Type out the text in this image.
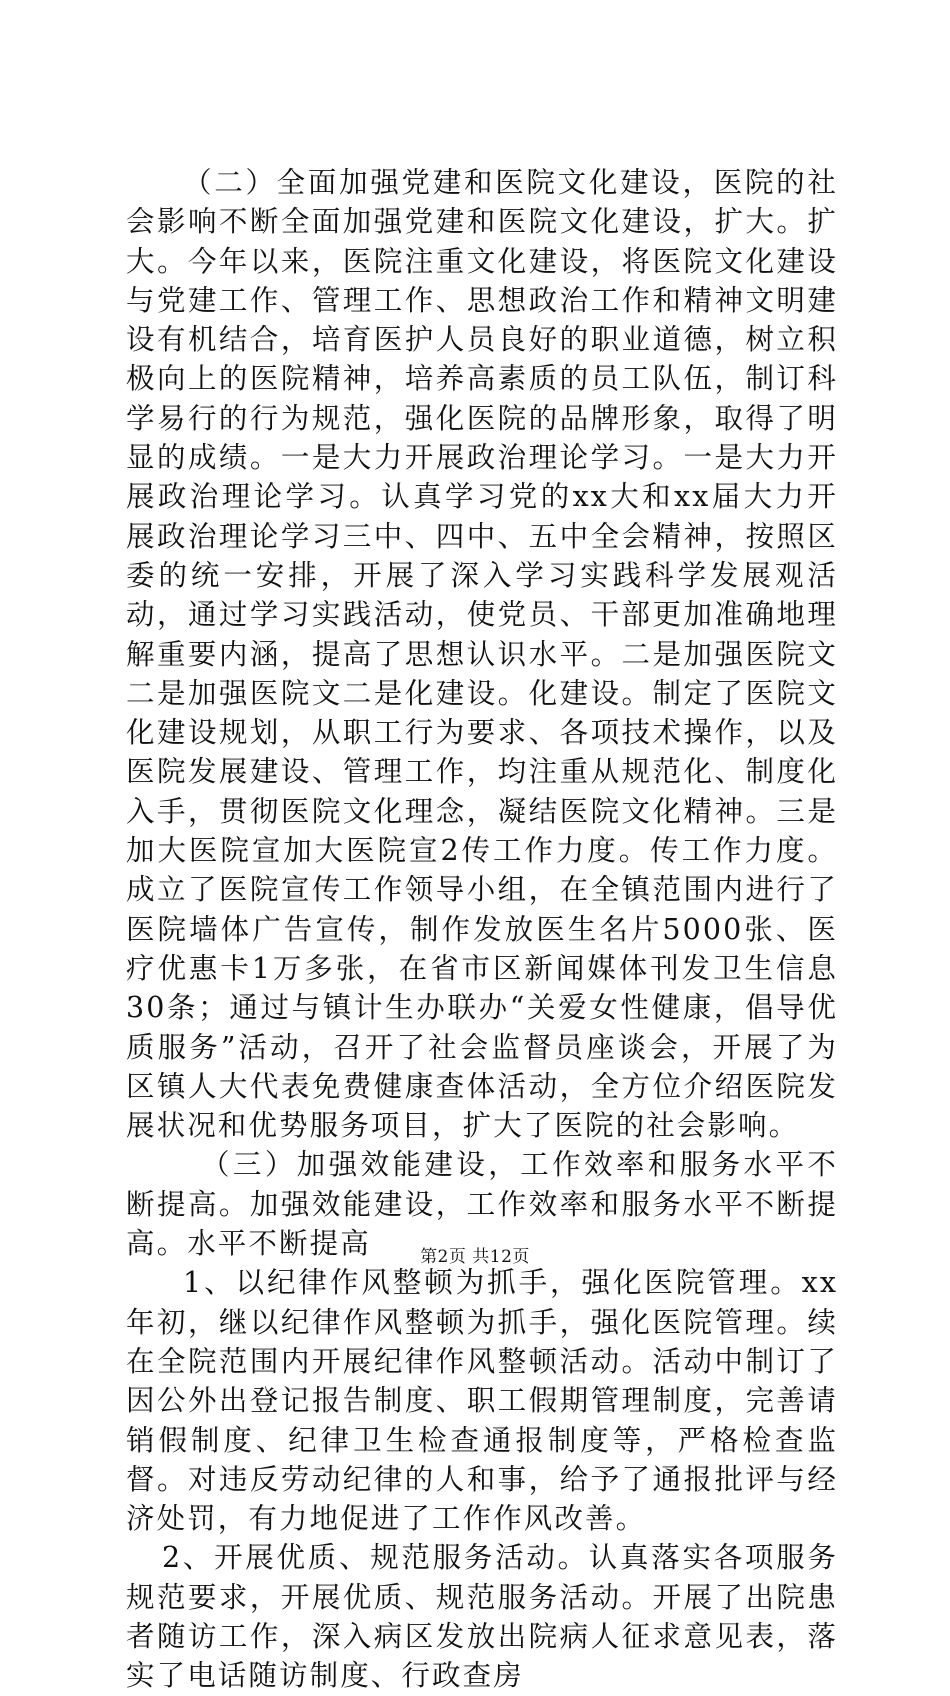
（二）全面加强党建和医院文化建设，医院的社会影响不断全面加强党建和医院文化建设，扩大。扩大。今年以来，医院注重文化建设，将医院文化建设与党建工作、管理工作、思想政治工作和精神文明建设有机结合，培育医护人员良好的职业道德，树立积极向上的医院精神，培养高素质的员工队伍，制订科学易行的行为规范，强化医院的品牌形象，取得了明显的成绩。一是大力开展政治理论学习。一是大力开展政治理论学习。认真学习党的xx大和xx届大力开展政治理论学习三中、四中、五中全会精神，按照区委的统一安排，开展了深入学习实践科学发展观活动，通过学习实践活动，使党员、干部更加准确地理解重要内涵，提高了思想认识水平。二是加强医院文二是加强医院文二是化建设。化建设。制定了医院文化建设规划，从职工行为要求、各项技术操作，以及医院发展建设、管理工作，均注重从规范化、制度化入手，贯彻医院文化理念，凝结医院文化精神。三是加大医院宣加大医院宣2传工作力度。传工作力度。成立了医院宣传工作领导小组，在全镇范围内进行了医院墙体广告宣传，制作发放医生名片5000张、医疗优惠卡1万多张，在省市区新闻媒体刊发卫生信息30条；通过与镇计生办联办“关爱女性健康，倡导优质服务”活动，召开了社会监督员座谈会，开展了为区镇人大代表免费健康查体活动，全方位介绍医院发展状况和优势服务项目，扩大了医院的社会影响。

（三）加强效能建设，工作效率和服务水平不断提高。加强效能建设，工作效率和服务水平不断提高。水平不断提高

1、以纪律作风整顿为抓手，强化医院管理。xx年初，继以纪律作风整顿为抓手，强化医院管理。续在全院范围内开展纪律作风整顿活动。活动中制订了因公外出登记报告制度、职工假期管理制度，完善请销假制度、纪律卫生检查通报制度等，严格检查监督。对违反劳动纪律的人和事，给予了通报批评与经济处罚，有力地促进了工作作风改善。

2、开展优质、规范服务活动。认真落实各项服务规范要求，开展优质、规范服务活动。开展了出院患者随访工作，深入病区发放出院病人征求意见表，落实了电话随访制度、行政查房

第2页 共12页
